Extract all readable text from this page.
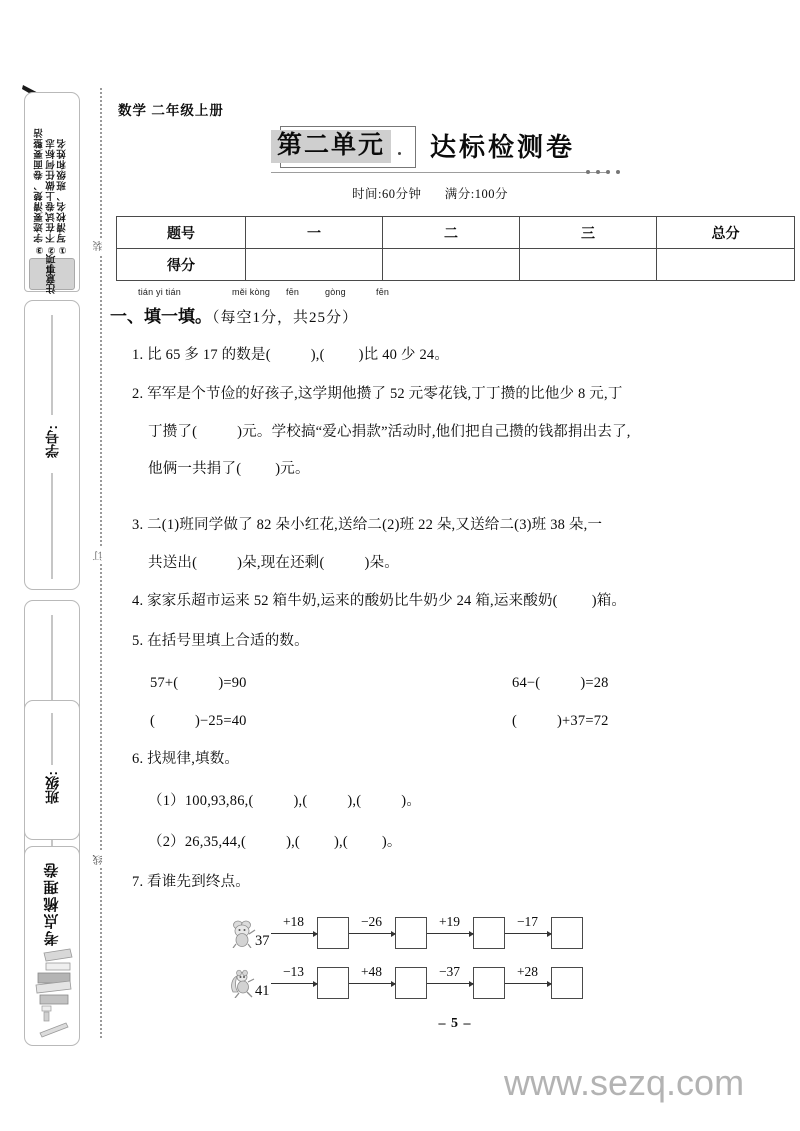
①写清校名、班级和姓名
②不在试卷上做任何标志
③字迹要清楚、卷面要整洁
注意事项
学号:
班级:
考点梳理卷
装
订
线
数学 二年级上册
第二单元 达标检测卷
时间:60分钟 满分:100分
题号	一	二	三	总分
得分				
tián yi tián	měi kòng fēn	gòng	fēn
一、填一填。（每空1分，共25分）
1. 比 65 多 17 的数是(	),( )比 40 少 24。
2. 军军是个节俭的好孩子,这学期他攒了 52 元零花钱,丁丁攒的比他少 8 元,丁
丁攒了(	)元。学校搞“爱心捐款”活动时,他们把自己攒的钱都捐出去了,
他俩一共捐了( )元。
3. 二(1)班同学做了 82 朵小红花,送给二(2)班 22 朵,又送给二(3)班 38 朵,一
共送出(	)朵,现在还剩(	)朵。
4. 家家乐超市运来 52 箱牛奶,运来的酸奶比牛奶少 24 箱,运来酸奶( )箱。
5. 在括号里填上合适的数。
57+(	)=90	64−(	)=28
(	)−25=40	(	)+37=72
6. 找规律,填数。
（1）100,93,86,(	),(	),(	)。
（2）26,35,44,(	),( ),( )。
7. 看谁先到终点。
37
+18	−26	+19	−17
41
−13	+48	−37	+28
– 5 –
www.sezq.com
